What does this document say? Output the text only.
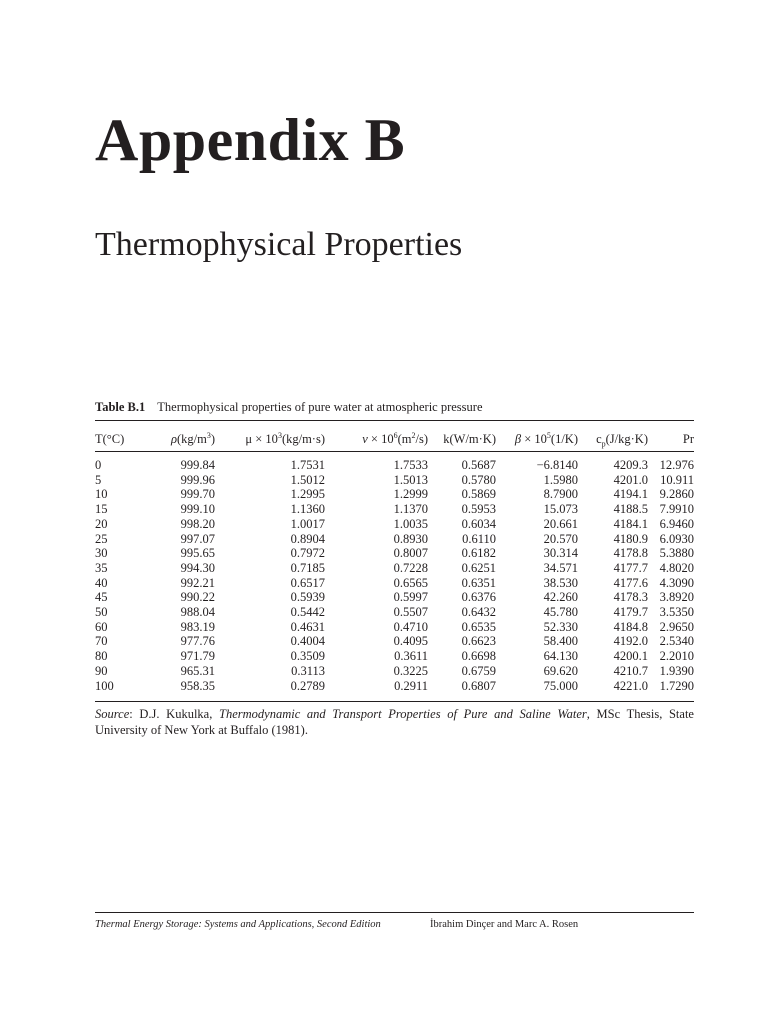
Appendix B
Thermophysical Properties
Table B.1 Thermophysical properties of pure water at atmospheric pressure
T(°C)	$\rho(kg/m^3)$	$\mu \times 10^3(kg/m\cdot s)$	$\nu \times 10^6(m^2/s)$	k(W/m·K)	$\beta \times 10^5(1/K)$	$c_p(J/kg\cdot K)$	Pr

0	999.84	1.7531	1.7533	0.5687	−6.8140	4209.3	12.976
5	999.96	1.5012	1.5013	0.5780	1.5980	4201.0	10.911
10	999.70	1.2995	1.2999	0.5869	8.7900	4194.1	9.2860
15	999.10	1.1360	1.1370	0.5953	15.073	4188.5	7.9910
20	998.20	1.0017	1.0035	0.6034	20.661	4184.1	6.9460
25	997.07	0.8904	0.8930	0.6110	20.570	4180.9	6.0930
30	995.65	0.7972	0.8007	0.6182	30.314	4178.8	5.3880
35	994.30	0.7185	0.7228	0.6251	34.571	4177.7	4.8020
40	992.21	0.6517	0.6565	0.6351	38.530	4177.6	4.3090
45	990.22	0.5939	0.5997	0.6376	42.260	4178.3	3.8920
50	988.04	0.5442	0.5507	0.6432	45.780	4179.7	3.5350
60	983.19	0.4631	0.4710	0.6535	52.330	4184.8	2.9650
70	977.76	0.4004	0.4095	0.6623	58.400	4192.0	2.5340
80	971.79	0.3509	0.3611	0.6698	64.130	4200.1	2.2010
90	965.31	0.3113	0.3225	0.6759	69.620	4210.7	1.9390
100	958.35	0.2789	0.2911	0.6807	75.000	4221.0	1.7290
Source: D.J. Kukulka, Thermodynamic and Transport Properties of Pure and Saline Water, MSc Thesis, State University of New York at Buffalo (1981).
Thermal Energy Storage: Systems and Applications, Second Edition	İbrahim Dinçer and Marc A. Rosen
